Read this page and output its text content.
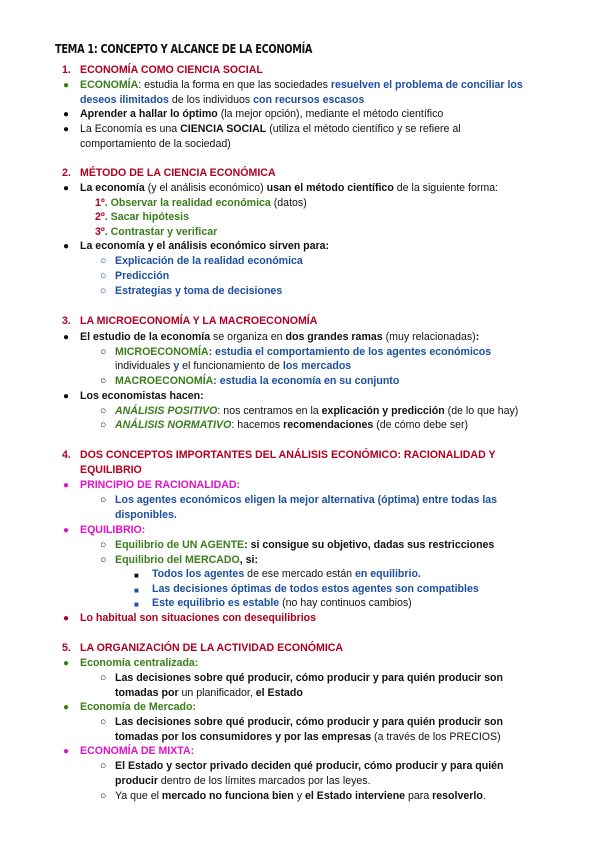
TEMA 1: CONCEPTO Y ALCANCE DE LA ECONOMÍA
1. ECONOMÍA COMO CIENCIA SOCIAL
● ECONOMÍA: estudia la forma en que las sociedades resuelven el problema de conciliar los
deseos ilimitados de los individuos con recursos escasos
● Aprender a hallar lo óptimo (la mejor opción), mediante el método científico
● La Economía es una CIENCIA SOCIAL (utiliza el método científico y se refiere al
comportamiento de la sociedad)
2. MÉTODO DE LA CIENCIA ECONÓMICA
● La economía (y el análisis económico) usan el método científico de la siguiente forma:
1º. Observar la realidad económica (datos)
2º. Sacar hipótesis
3º. Contrastar y verificar
● La economía y el análisis económico sirven para:
○ Explicación de la realidad económica
○ Predicción
○ Estrategias y toma de decisiones
3. LA MICROECONOMÍA Y LA MACROECONOMÍA
● El estudio de la economía se organiza en dos grandes ramas (muy relacionadas):
○ MICROECONOMÍA: estudia el comportamiento de los agentes económicos
individuales y el funcionamiento de los mercados
○ MACROECONOMÍA: estudia la economía en su conjunto
● Los economistas hacen:
○ ANÁLISIS POSITIVO: nos centramos en la explicación y predicción (de lo que hay)
○ ANÁLISIS NORMATIVO: hacemos recomendaciones (de cómo debe ser)
4. DOS CONCEPTOS IMPORTANTES DEL ANÁLISIS ECONÓMICO: RACIONALIDAD Y
EQUILIBRIO
● PRINCIPIO DE RACIONALIDAD:
○ Los agentes económicos eligen la mejor alternativa (óptima) entre todas las
disponibles.
● EQUILIBRIO:
○ Equilibrio de UN AGENTE: si consigue su objetivo, dadas sus restricciones
○ Equilibrio del MERCADO, si:
■ Todos los agentes de ese mercado están en equilibrio.
■ Las decisiones óptimas de todos estos agentes son compatibles
■ Este equilibrio es estable (no hay continuos cambios)
● Lo habitual son situaciones con desequilibrios
5. LA ORGANIZACIÓN DE LA ACTIVIDAD ECONÓMICA
● Economía centralizada:
○ Las decisiones sobre qué producir, cómo producir y para quién producir son
tomadas por un planificador, el Estado
● Economía de Mercado:
○ Las decisiones sobre qué producir, cómo producir y para quién producir son
tomadas por los consumidores y por las empresas (a través de los PRECIOS)
● ECONOMÍA DE MIXTA:
○ El Estado y sector privado deciden qué producir, cómo producir y para quién
producir dentro de los límites marcados por las leyes.
○ Ya que el mercado no funciona bien y el Estado interviene para resolverlo.
